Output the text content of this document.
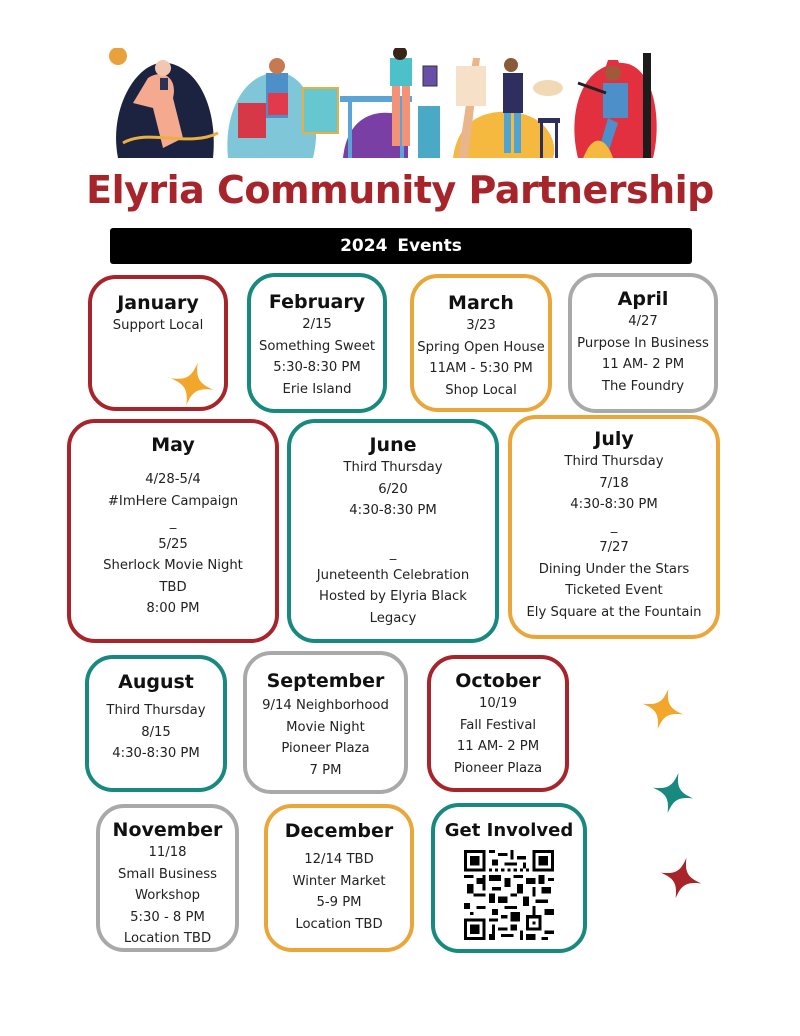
Elyria Community Partnership
2024 Events
January
Support Local
February
2/15
Something Sweet
5:30-8:30 PM
Erie Island
March
3/23
Spring Open House
11AM - 5:30 PM
Shop Local
April
4/27
Purpose In Business
11 AM- 2 PM
The Foundry
May
4/28-5/4
#ImHere Campaign
_
5/25
Sherlock Movie Night
TBD
8:00 PM
June
Third Thursday
6/20
4:30-8:30 PM
_
Juneteenth Celebration
Hosted by Elyria Black
Legacy
July
Third Thursday
7/18
4:30-8:30 PM
_
7/27
Dining Under the Stars
Ticketed Event
Ely Square at the Fountain
August
Third Thursday
8/15
4:30-8:30 PM
September
9/14 Neighborhood
Movie Night
Pioneer Plaza
7 PM
October
10/19
Fall Festival
11 AM- 2 PM
Pioneer Plaza
November
11/18
Small Business
Workshop
5:30 - 8 PM
Location TBD
December
12/14 TBD
Winter Market
5-9 PM
Location TBD
Get Involved
